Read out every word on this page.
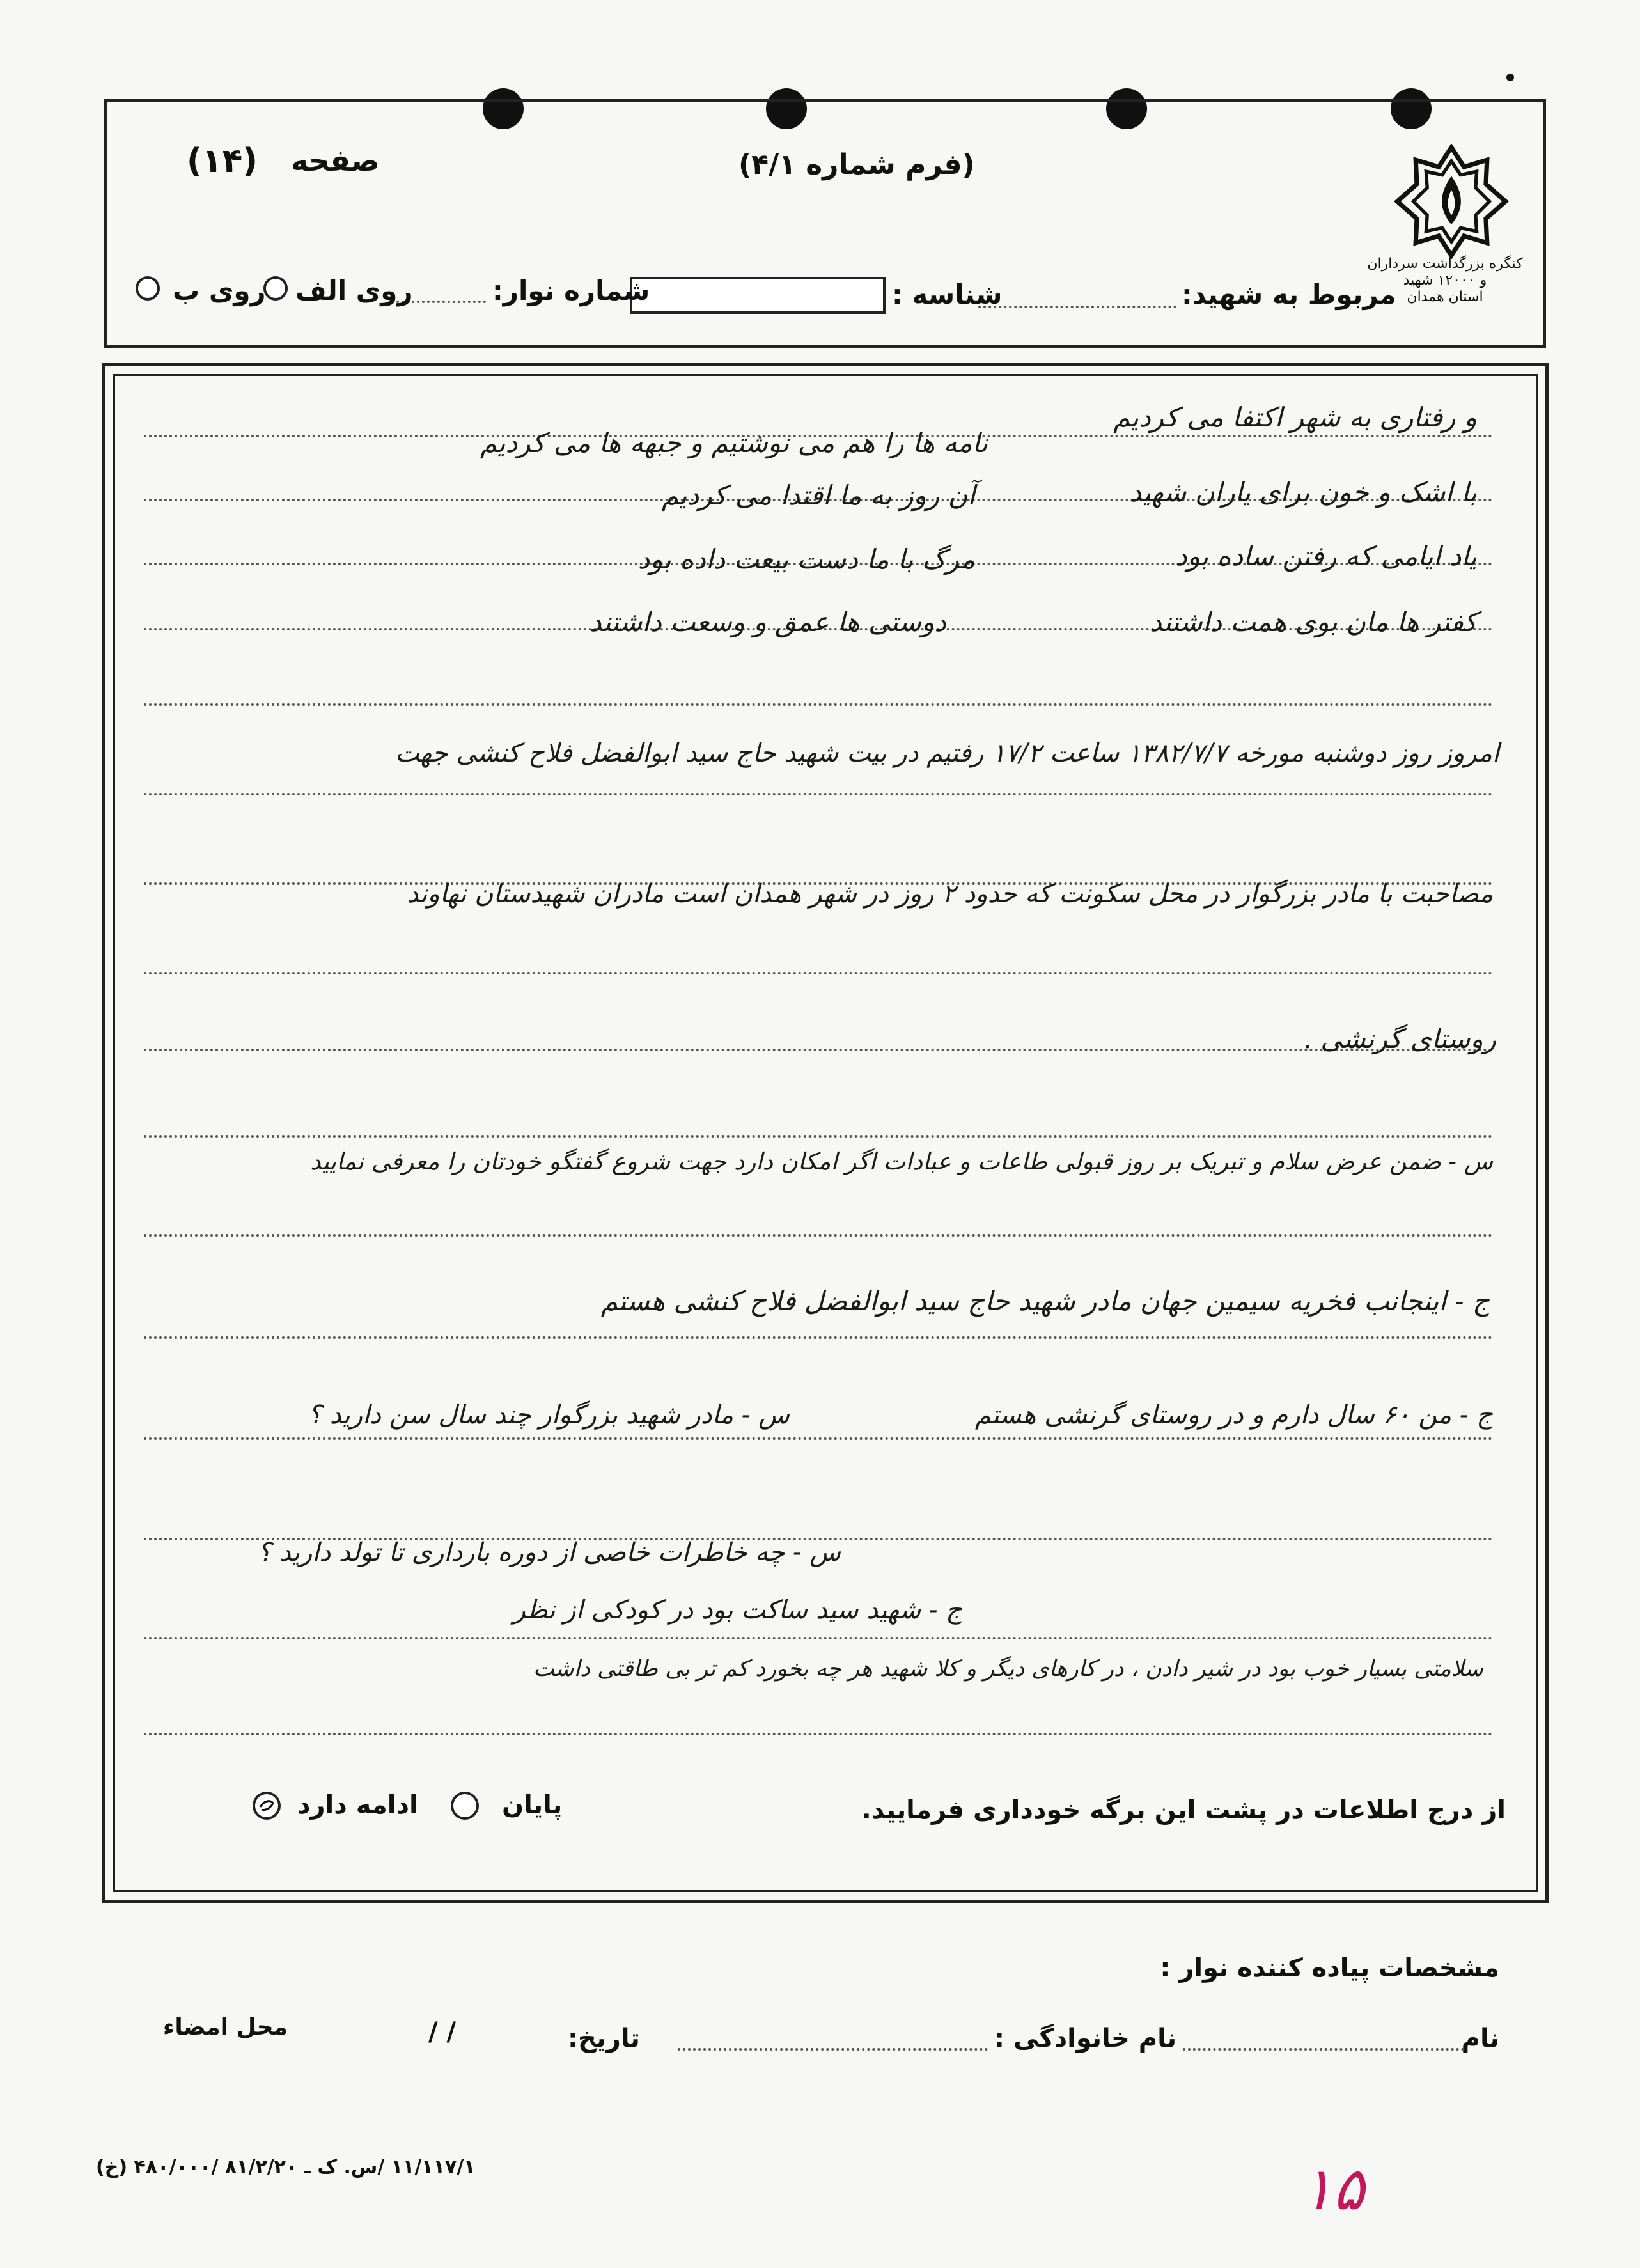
کنگره بزرگداشت سرداران و ۱۲۰۰۰ شهید
استان همدان
(فرم شماره ۴/۱)
(۱۴) صفحه
مربوط به شهید:
شناسه :
شماره نوار:
روی الف
روی ب
و رفتاری به شهر اکتفا می کردیم
نامه ها را هم می نوشتیم و جبهه ها می کردیم
با اشک و خون برای یاران شهید
آن روز به ما اقتدا می کردیم
یاد ایامی که رفتن ساده بود
مرگ با ما دست بیعت داده بود
کفتر ها مان بوی همت داشتند
دوستی ها عمق و وسعت داشتند
امروز روز دوشنبه مورخه ۱۳۸۲/۷/۷ ساعت ۱۷/۲ رفتیم در بیت شهید حاج سید ابوالفضل فلاح کنشی جهت
مصاحبت با مادر بزرگوار در محل سکونت که حدود ۲ روز در شهر همدان است مادران شهیدستان نهاوند
روستای گرنشی .
س - ضمن عرض سلام و تبریک بر روز قبولی طاعات و عبادات اگر امکان دارد جهت شروع گفتگو خودتان را معرفی نمایید
ج - اینجانب فخریه سیمین جهان مادر شهید حاج سید ابوالفضل فلاح کنشی هستم
س - مادر شهید بزرگوار چند سال سن دارید ؟	ج - من ۶۰ سال دارم و در روستای گرنشی هستم
س - چه خاطرات خاصی از دوره بارداری تا تولد دارید ؟
ج - شهید سید ساکت بود در کودکی از نظر
سلامتی بسیار خوب بود در شیر دادن ، در کارهای دیگر و کلا شهید هر چه بخورد کم تر بی طاقتی داشت
از درج اطلاعات در پشت این برگه خودداری فرمایید.
پایان
ادامه دارد
مشخصات پیاده کننده نوار :
نام
نام خانوادگی :
تاریخ:
/ /
محل امضاء
۱۱/۱۱۷/۱ /س. ک ـ ۸۱/۲/۲۰ /۴۸۰/۰۰۰ (خ)	۱۵
